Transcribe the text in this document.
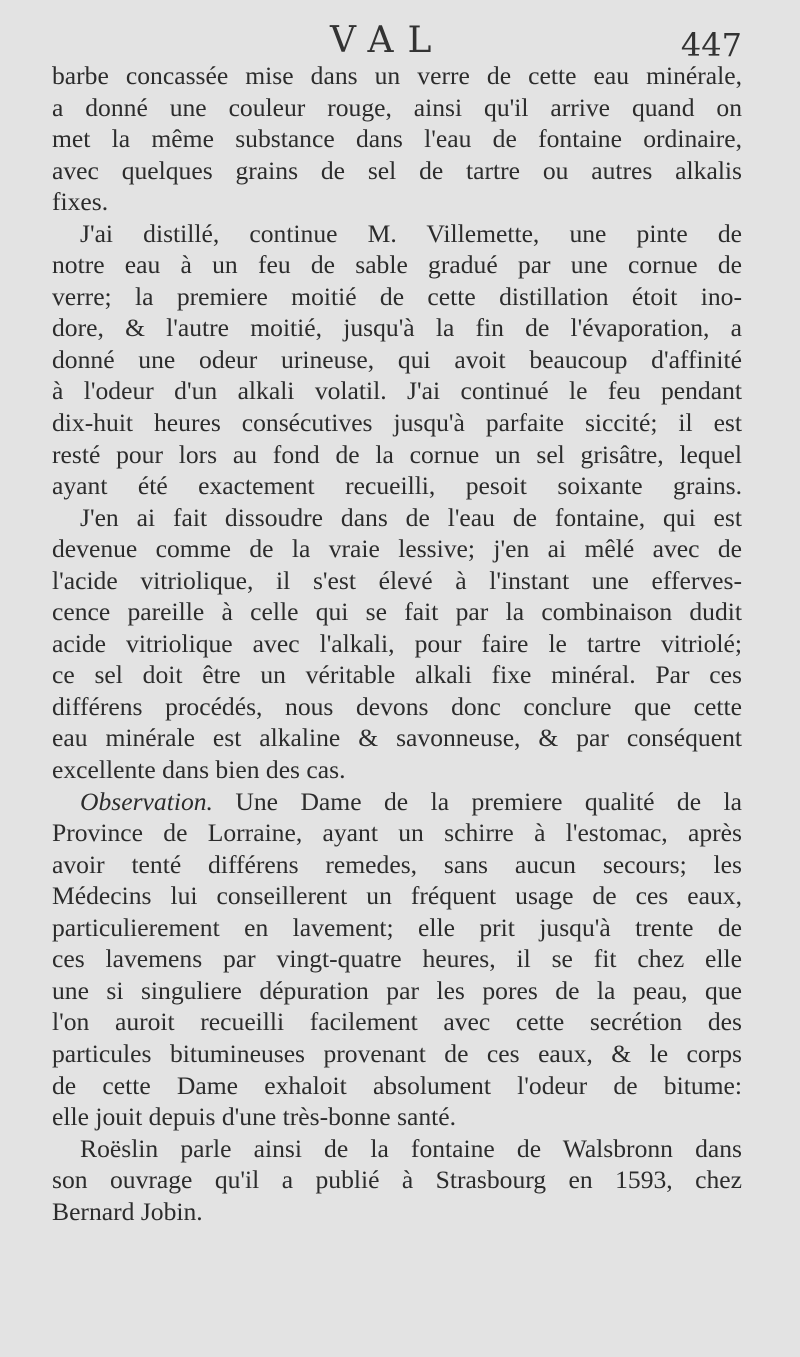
VAL	447

barbe concassée mise dans un verre de cette eau minérale,
a donné une couleur rouge, ainsi qu'il arrive quand on
met la même substance dans l'eau de fontaine ordinaire,
avec quelques grains de sel de tartre ou autres alkalis
fixes.

J'ai distillé, continue M. Villemette, une pinte de
notre eau à un feu de sable gradué par une cornue de
verre; la premiere moitié de cette distillation étoit ino-
dore, & l'autre moitié, jusqu'à la fin de l'évaporation, a
donné une odeur urineuse, qui avoit beaucoup d'affinité
à l'odeur d'un alkali volatil. J'ai continué le feu pendant
dix-huit heures consécutives jusqu'à parfaite siccité; il est
resté pour lors au fond de la cornue un sel grisâtre, lequel
ayant été exactement recueilli, pesoit soixante grains.

J'en ai fait dissoudre dans de l'eau de fontaine, qui est
devenue comme de la vraie lessive; j'en ai mêlé avec de
l'acide vitriolique, il s'est élevé à l'instant une efferves-
cence pareille à celle qui se fait par la combinaison dudit
acide vitriolique avec l'alkali, pour faire le tartre vitriolé;
ce sel doit être un véritable alkali fixe minéral. Par ces
différens procédés, nous devons donc conclure que cette
eau minérale est alkaline & savonneuse, & par conséquent
excellente dans bien des cas.

Observation. Une Dame de la premiere qualité de la
Province de Lorraine, ayant un schirre à l'estomac, après
avoir tenté différens remedes, sans aucun secours; les
Médecins lui conseillerent un fréquent usage de ces eaux,
particulierement en lavement; elle prit jusqu'à trente de
ces lavemens par vingt-quatre heures, il se fit chez elle
une si singuliere dépuration par les pores de la peau, que
l'on auroit recueilli facilement avec cette secrétion des
particules bitumineuses provenant de ces eaux, & le corps
de cette Dame exhaloit absolument l'odeur de bitume:
elle jouit depuis d'une très-bonne santé.

Roëslin parle ainsi de la fontaine de Walsbronn dans
son ouvrage qu'il a publié à Strasbourg en 1593, chez
Bernard Jobin.
